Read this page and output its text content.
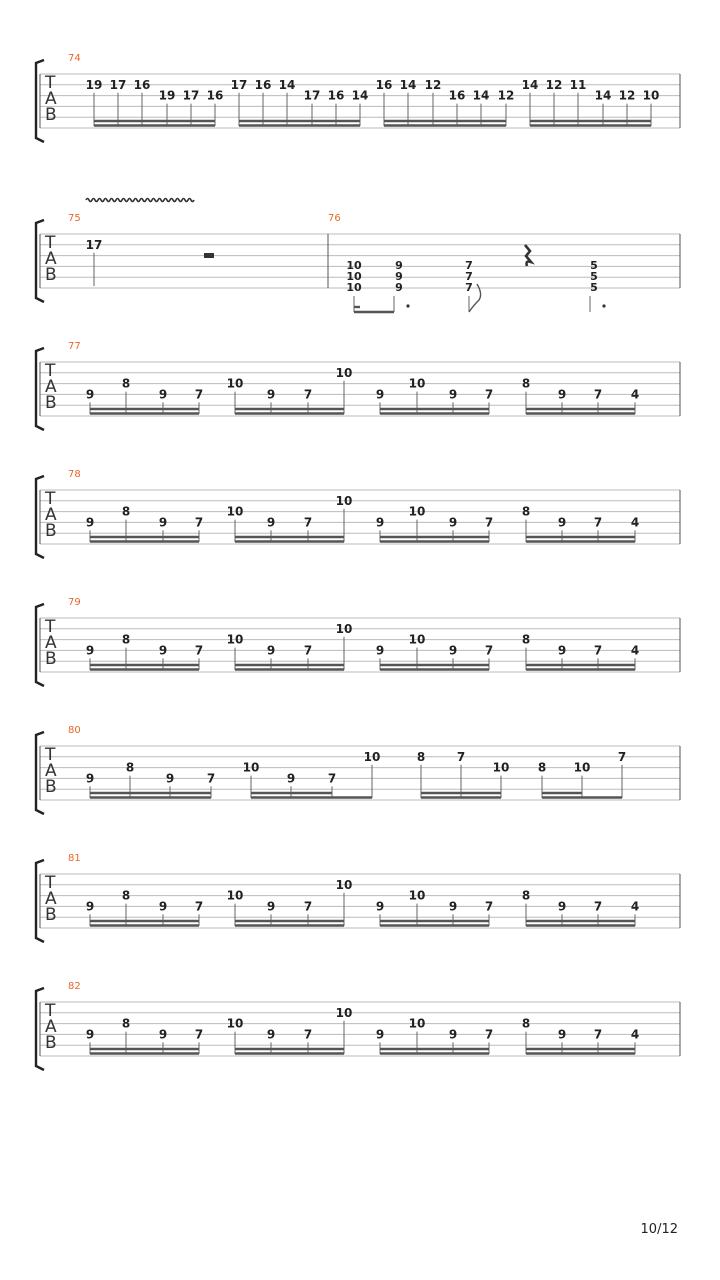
T
A
B
74
19 17 16
19 17 16
17 16 14
17 16 14
16 14 12
16 14 12
14 12 11
14 12 10
T
A
B
75	76
17
10
10
10
9
9
9
7
7
7
5
5
5
T
A
B
77
9
8
9 7
10
9 7
10
9
10
9 7
8
9 7 4
T
A
B
78
9
8
9 7
10
9 7
10
9
10
9 7
8
9 7 4
T
A
B
79
9
8
9 7
10
9 7
10
9
10
9 7
8
9 7 4
T
A
B
80
9
8
9	7
10
9	7
10	8	7
10 8 10
7
T
A
B
81
9
8
9 7
10
9 7
10
9
10
9 7
8
9 7 4
T
A
B
82
9
8
9 7
10
9 7
10
9
10
9 7
8
9 7 4
10/12
